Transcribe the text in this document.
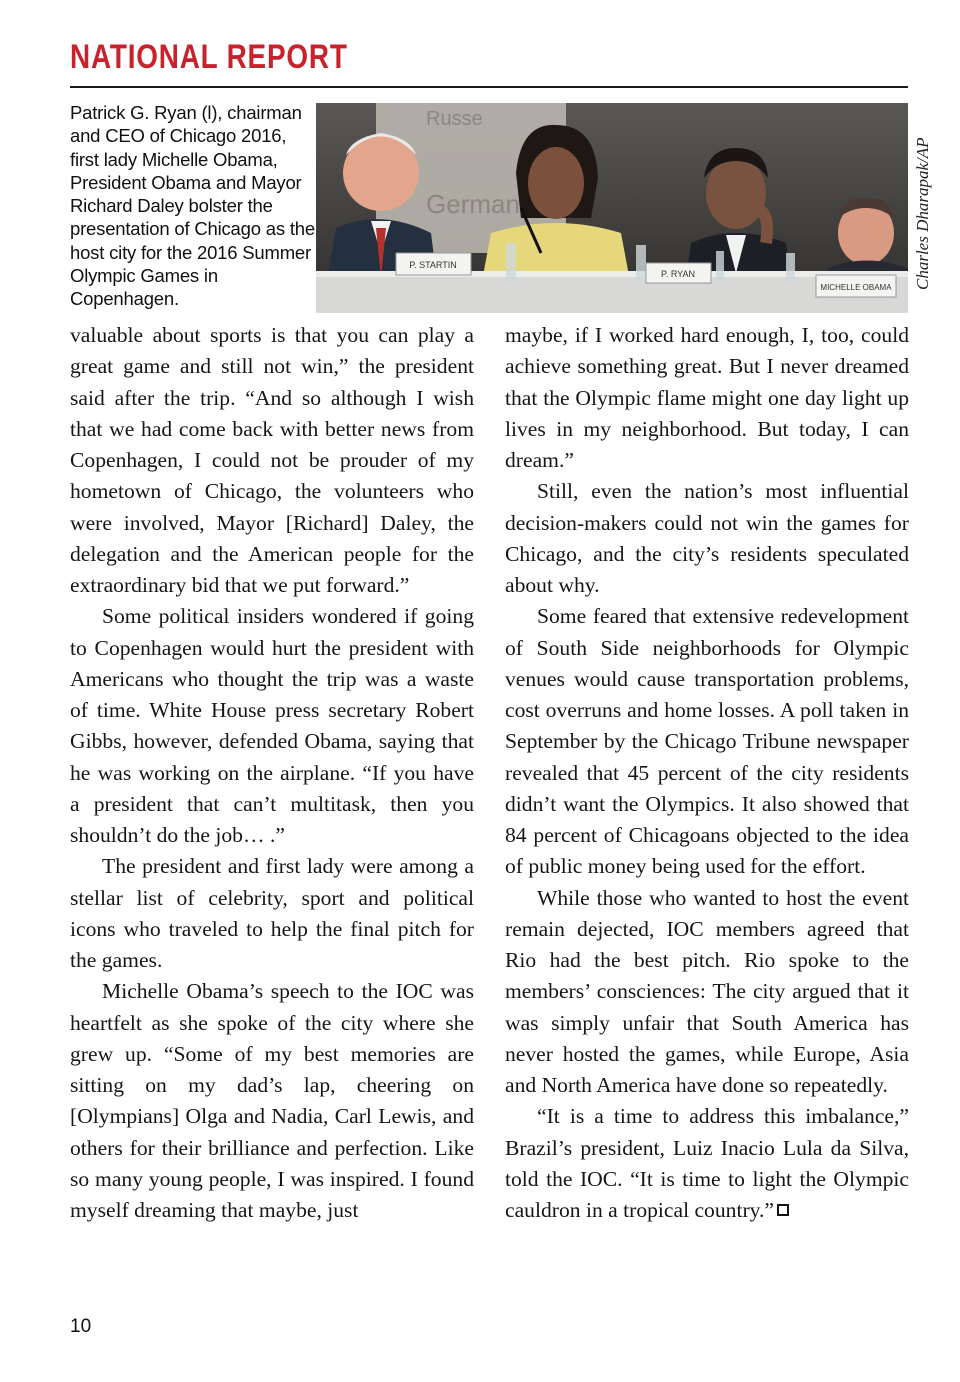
NATIONAL REPORT
Patrick G. Ryan (l), chairman and CEO of Chicago 2016, first lady Michelle Obama, President Obama and Mayor Richard Daley bolster the presentation of Chicago as the host city for the 2016 Summer Olympic Games in Copenhagen.
Russe
German
P. STARTIN
P. RYAN
MICHELLE OBAMA Charles Dharapak/AP

valuable about sports is that you can play a great game and still not win,” the president said after the trip. “And so although I wish that we had come back with better news from Copenhagen, I could not be prouder of my hometown of Chicago, the volunteers who were involved, Mayor [Richard] Daley, the delegation and the American people for the extraordinary bid that we put forward.”

Some political insiders wondered if going to Copenhagen would hurt the president with Americans who thought the trip was a waste of time. White House press secretary Robert Gibbs, however, defended Obama, saying that he was working on the airplane. “If you have a president that can’t multitask, then you shouldn’t do the job… .”

The president and first lady were among a stellar list of celebrity, sport and political icons who traveled to help the final pitch for the games.

Michelle Obama’s speech to the IOC was heartfelt as she spoke of the city where she grew up. “Some of my best memories are sitting on my dad’s lap, cheering on [Olympians] Olga and Nadia, Carl Lewis, and others for their brilliance and perfection. Like so many young people, I was inspired. I found myself dreaming that maybe, just

maybe, if I worked hard enough, I, too, could achieve something great. But I never dreamed that the Olympic flame might one day light up lives in my neighborhood. But today, I can dream.”

Still, even the nation’s most influential decision-makers could not win the games for Chicago, and the city’s residents speculated about why.

Some feared that extensive redevelopment of South Side neighborhoods for Olympic venues would cause transportation problems, cost overruns and home losses. A poll taken in September by the Chicago Tribune newspaper revealed that 45 percent of the city residents didn’t want the Olympics. It also showed that 84 percent of Chicagoans objected to the idea of public money being used for the effort.

While those who wanted to host the event remain dejected, IOC members agreed that Rio had the best pitch. Rio spoke to the members’ consciences: The city argued that it was simply unfair that South America has never hosted the games, while Europe, Asia and North America have done so repeatedly.

“It is a time to address this imbalance,” Brazil’s president, Luiz Inacio Lula da Silva, told the IOC. “It is time to light the Olympic cauldron in a tropical country.”

10
